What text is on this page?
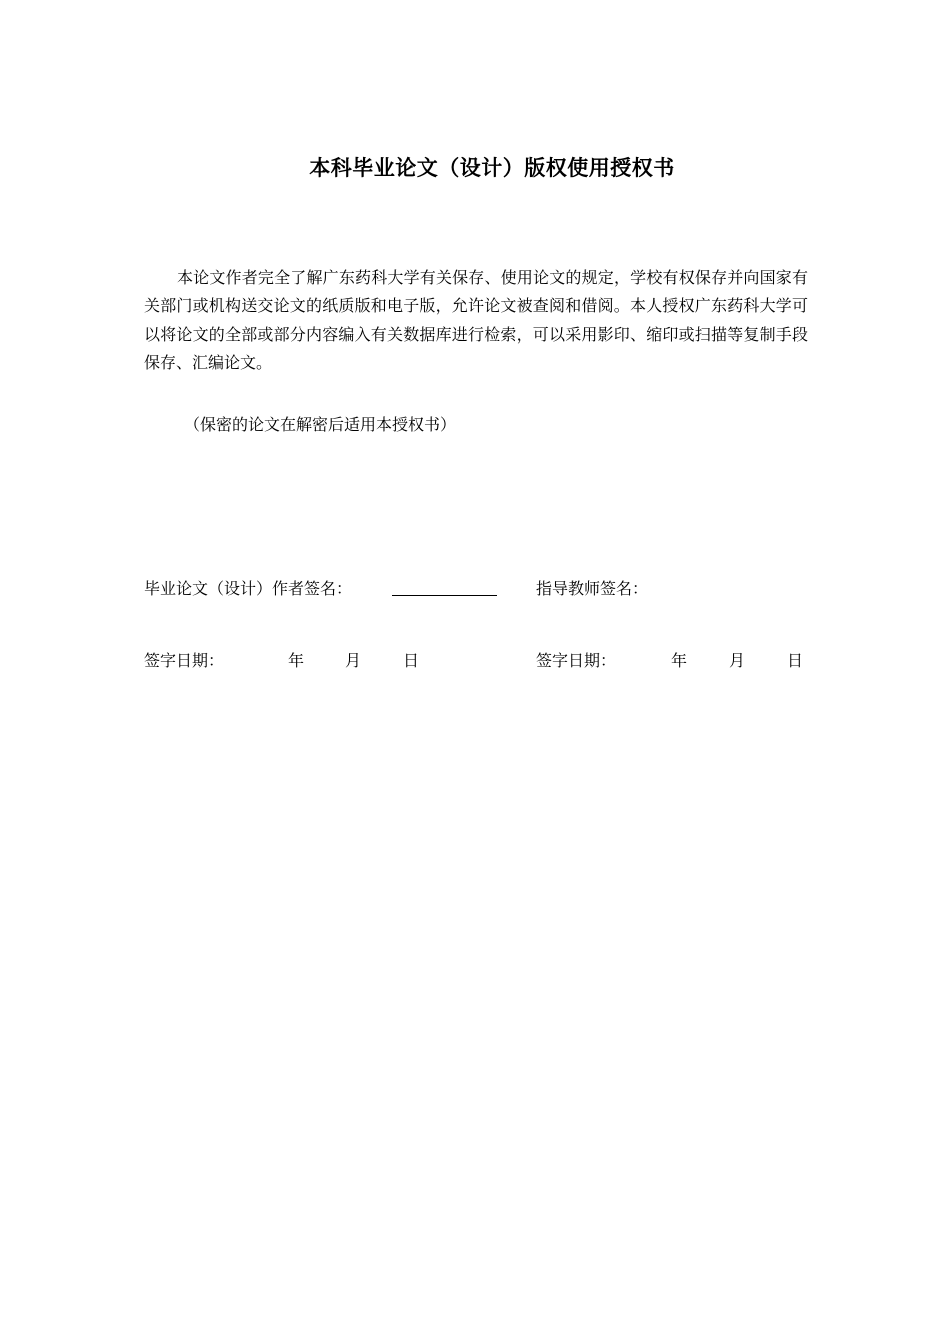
本科毕业论文（设计）版权使用授权书
本论文作者完全了解广东药科大学有关保存、使用论文的规定，学校有权保存并向国家有关部门或机构送交论文的纸质版和电子版，允许论文被查阅和借阅。本人授权广东药科大学可以将论文的全部或部分内容编入有关数据库进行检索，可以采用影印、缩印或扫描等复制手段保存、汇编论文。
（保密的论文在解密后适用本授权书）
毕业论文（设计）作者签名：	指导教师签名：
签字日期：	年	月	日	签字日期：	年	月	日
